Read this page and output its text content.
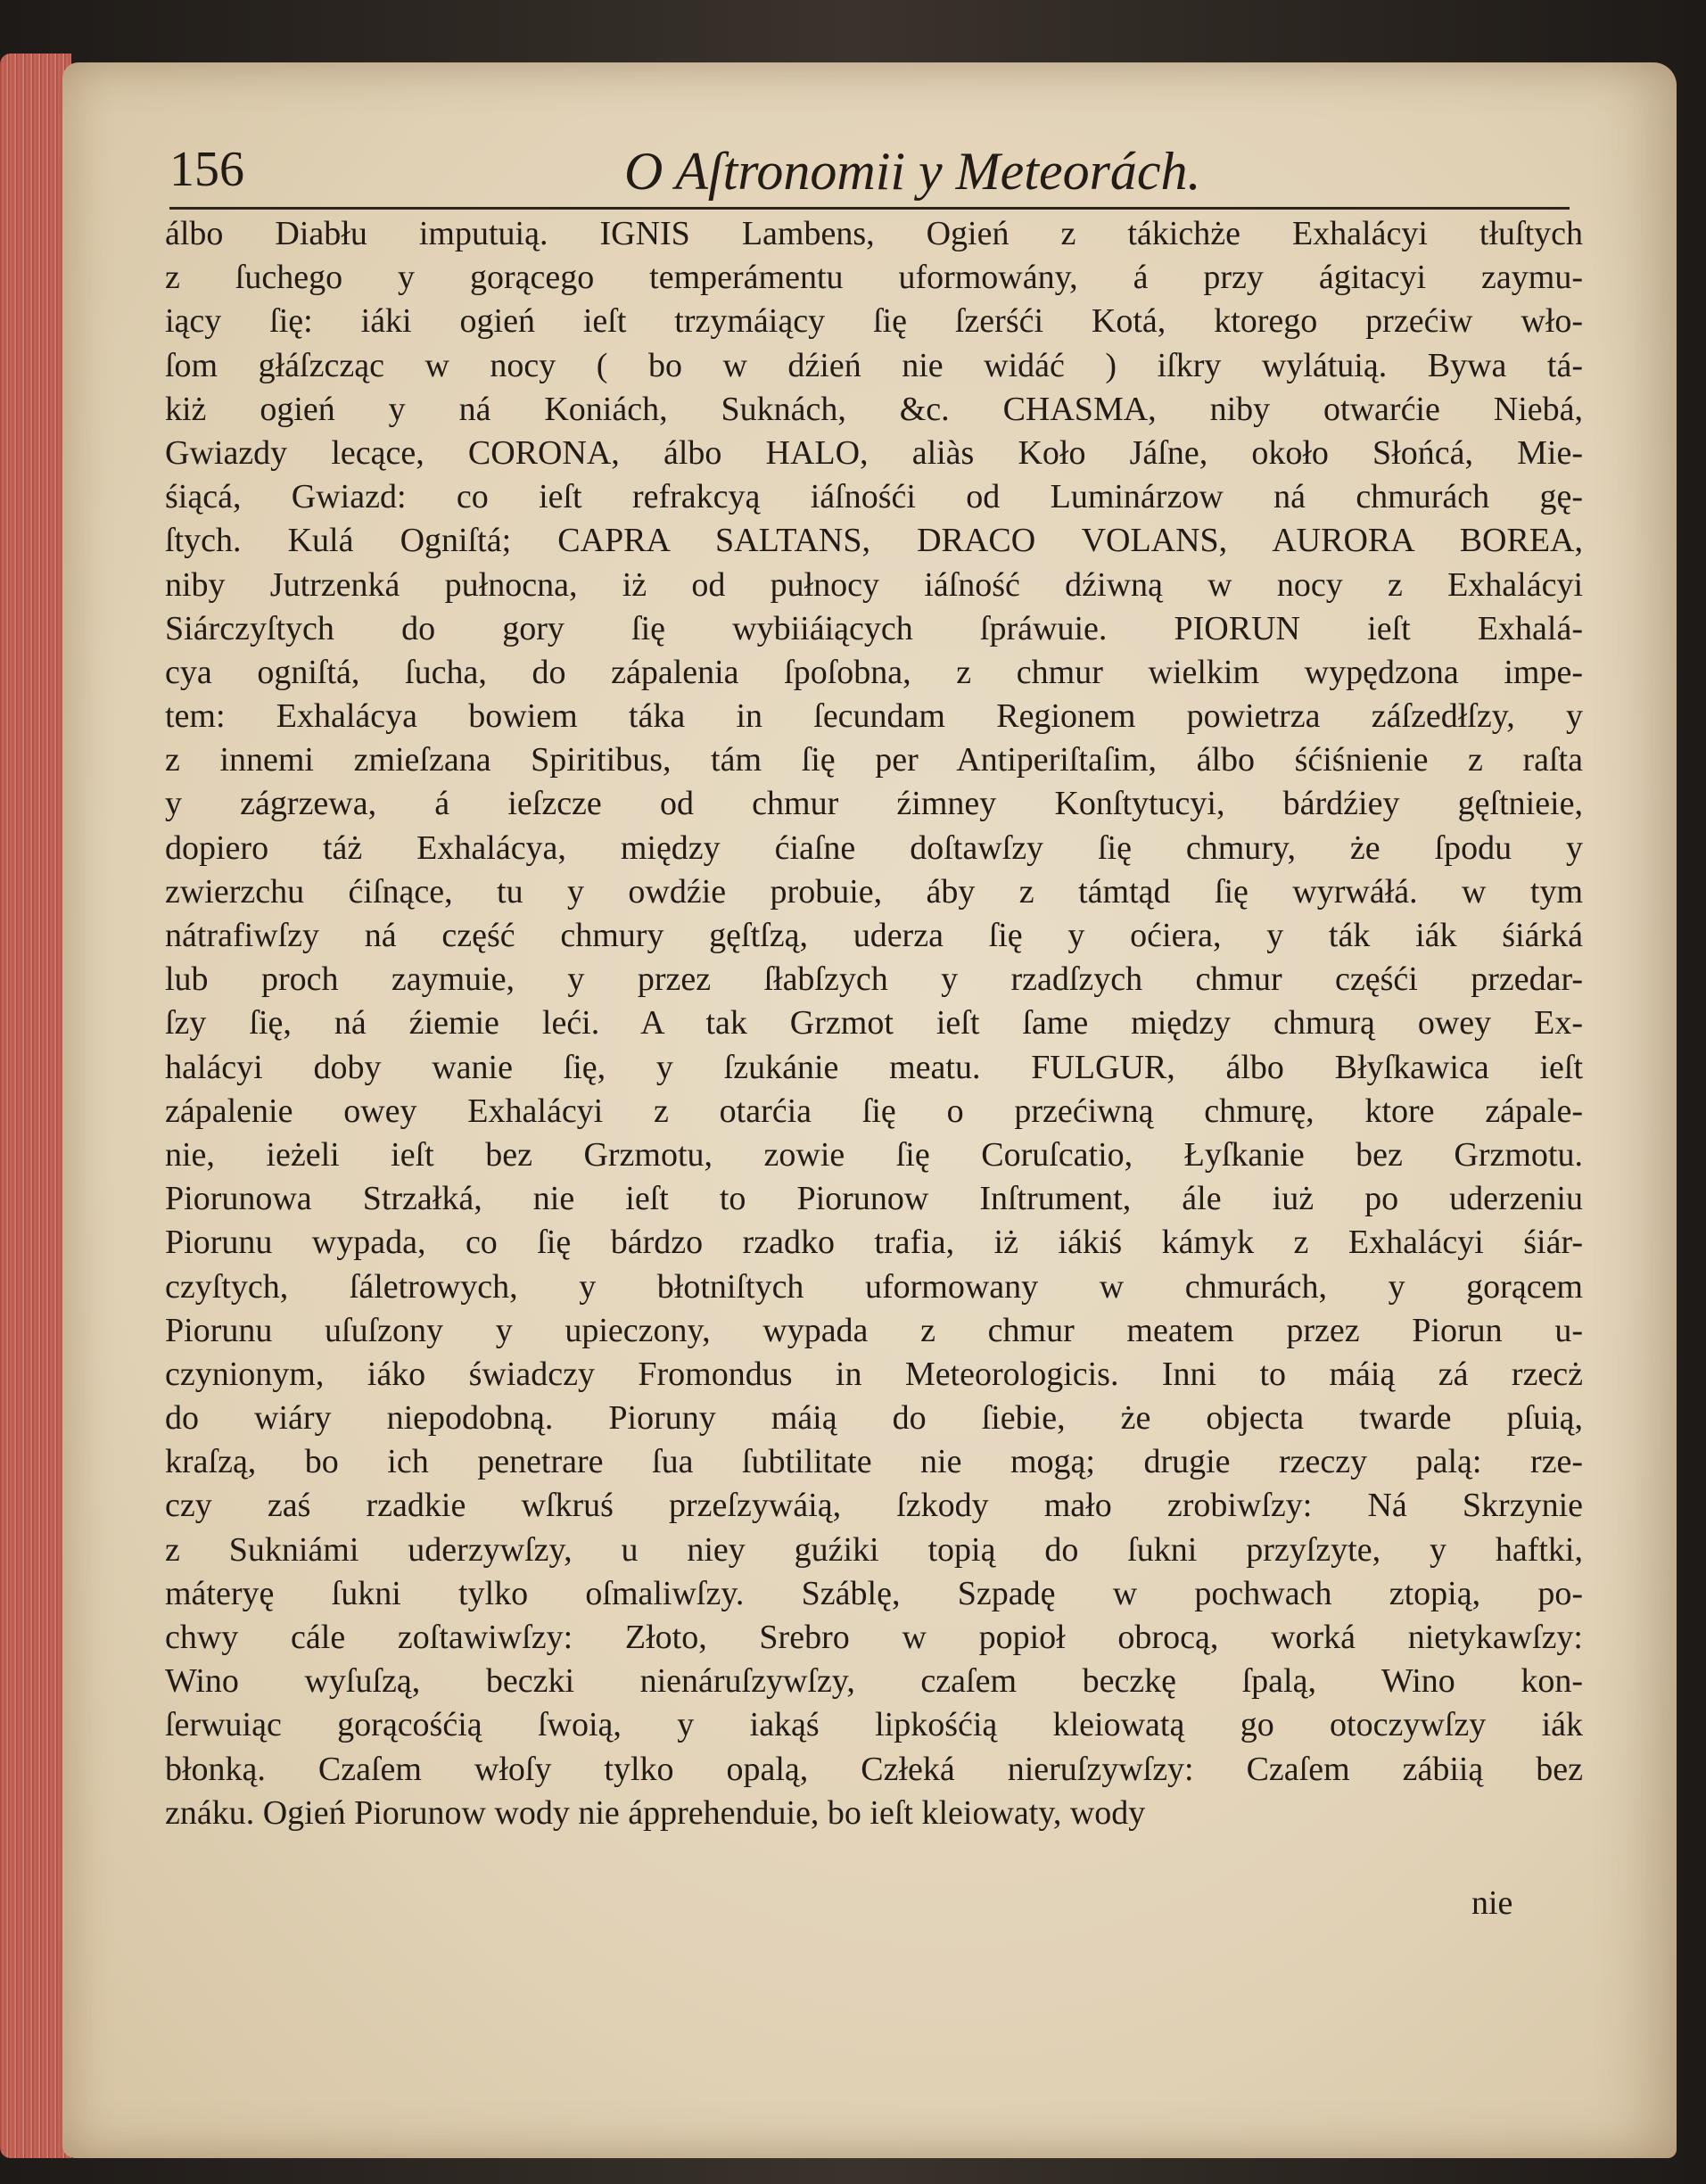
156	O Aſtronomii y Meteorách.
álbo Diabłu imputuią. IGNIS Lambens, Ogień z tákichże Exhalácyi tłuſtych
z ſuchego y gorącego temperámentu uformowány, á przy ágitacyi zaymu-
iący ſię: iáki ogień ieſt trzymáiący ſię ſzerśći Kotá, ktorego przećiw wło-
ſom głáſzcząc w nocy ( bo w dźień nie widáć ) iſkry wylátuią. Bywa tá-
kiż ogień y ná Koniách, Suknách, &c. CHASMA, niby otwarćie Niebá,
Gwiazdy lecące, CORONA, álbo HALO, aliàs Koło Jáſne, około Słońcá, Mie-
śiącá, Gwiazd: co ieſt refrakcyą iáſnośći od Luminárzow ná chmurách gę-
ſtych. Kulá Ogniſtá; CAPRA SALTANS, DRACO VOLANS, AURORA BOREA,
niby Jutrzenká pułnocna, iż od pułnocy iáſność dźiwną w nocy z Exhalácyi
Siárczyſtych do gory ſię wybiiáiących ſpráwuie. PIORUN ieſt Exhalá-
cya ogniſtá, ſucha, do zápalenia ſpoſobna, z chmur wielkim wypędzona impe-
tem: Exhalácya bowiem táka in ſecundam Regionem powietrza záſzedłſzy, y
z innemi zmieſzana Spiritibus, tám ſię per Antiperiſtaſim, álbo śćiśnienie z raſta
y zágrzewa, á ieſzcze od chmur źimney Konſtytucyi, bárdźiey gęſtnieie,
dopiero táż Exhalácya, między ćiaſne doſtawſzy ſię chmury, że ſpodu y
zwierzchu ćiſnące, tu y owdźie probuie, áby z támtąd ſię wyrwáłá. w tym
nátrafiwſzy ná część chmury gęſtſzą, uderza ſię y oćiera, y ták iák śiárká
lub proch zaymuie, y przez ſłabſzych y rzadſzych chmur częśći przedar-
ſzy ſię, ná źiemie leći. A tak Grzmot ieſt ſame między chmurą owey Ex-
halácyi doby wanie ſię, y ſzukánie meatu. FULGUR, álbo Błyſkawica ieſt
zápalenie owey Exhalácyi z otarćia ſię o przećiwną chmurę, ktore zápale-
nie, ieżeli ieſt bez Grzmotu, zowie ſię Coruſcatio, Łyſkanie bez Grzmotu.
Piorunowa Strzałká, nie ieſt to Piorunow Inſtrument, ále iuż po uderzeniu
Piorunu wypada, co ſię bárdzo rzadko trafia, iż iákiś kámyk z Exhalácyi śiár-
czyſtych, ſáletrowych, y błotniſtych uformowany w chmurách, y gorącem
Piorunu uſuſzony y upieczony, wypada z chmur meatem przez Piorun u-
czynionym, iáko świadczy Fromondus in Meteorologicis. Inni to máią zá rzecż
do wiáry niepodobną. Pioruny máią do ſiebie, że objecta twarde pſuią,
kraſzą, bo ich penetrare ſua ſubtilitate nie mogą; drugie rzeczy palą: rze-
czy zaś rzadkie wſkruś przeſzywáią, ſzkody mało zrobiwſzy: Ná Skrzynie
z Sukniámi uderzywſzy, u niey guźiki topią do ſukni przyſzyte, y haftki,
máteryę ſukni tylko oſmaliwſzy. Száblę, Szpadę w pochwach ztopią, po-
chwy cále zoſtawiwſzy: Złoto, Srebro w popioł obrocą, worká nietykawſzy:
Wino wyſuſzą, beczki nienáruſzywſzy, czaſem beczkę ſpalą, Wino kon-
ſerwuiąc gorącośćią ſwoią, y iakąś lipkośćią kleiowatą go otoczywſzy iák
błonką. Czaſem włoſy tylko opalą, Człeká nieruſzywſzy: Czaſem zábiią bez
znáku. Ogień Piorunow wody nie ápprehenduie, bo ieſt kleiowaty, wody
nie
